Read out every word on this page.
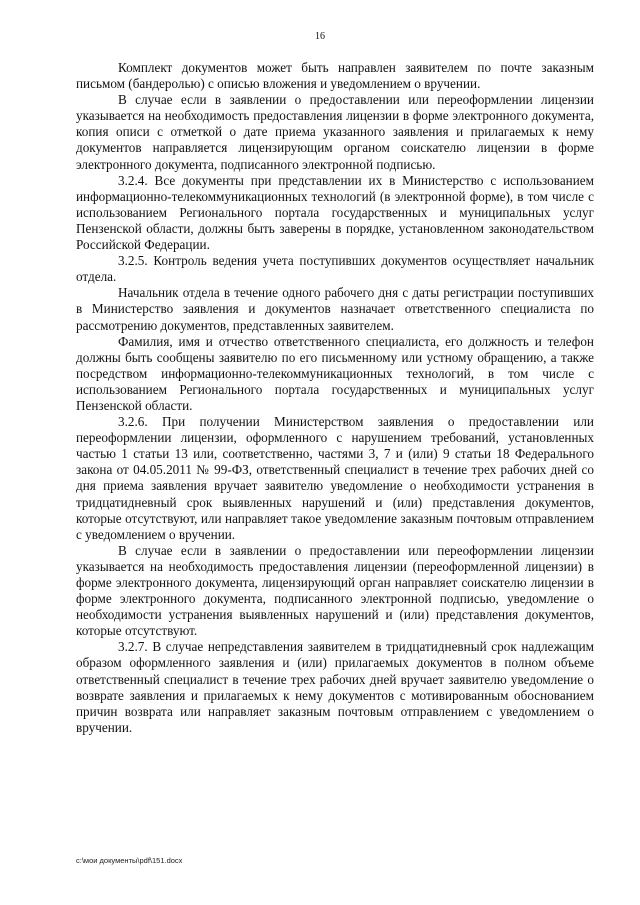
16

Комплект документов может быть направлен заявителем по почте заказным письмом (бандеролью) с описью вложения и уведомлением о вручении.

В случае если в заявлении о предоставлении или переоформлении лицензии указывается на необходимость предоставления лицензии в форме электронного документа, копия описи с отметкой о дате приема указанного заявления и прилагаемых к нему документов направляется лицензирующим органом соискателю лицензии в форме электронного документа, подписанного электронной подписью.

3.2.4. Все документы при представлении их в Министерство с использованием информационно-телекоммуникационных технологий (в электронной форме), в том числе с использованием Регионального портала государственных и муниципальных услуг Пензенской области, должны быть заверены в порядке, установленном законодательством Российской Федерации.

3.2.5. Контроль ведения учета поступивших документов осуществляет начальник отдела.

Начальник отдела в течение одного рабочего дня с даты регистрации поступивших в Министерство заявления и документов назначает ответственного специалиста по рассмотрению документов, представленных заявителем.

Фамилия, имя и отчество ответственного специалиста, его должность и телефон должны быть сообщены заявителю по его письменному или устному обращению, а также посредством информационно-телекоммуникационных технологий, в том числе с использованием Регионального портала государственных и муниципальных услуг Пензенской области.

3.2.6. При получении Министерством заявления о предоставлении или переоформлении лицензии, оформленного с нарушением требований, установленных частью 1 статьи 13 или, соответственно, частями 3, 7 и (или) 9 статьи 18 Федерального закона от 04.05.2011 № 99-ФЗ, ответственный специалист в течение трех рабочих дней со дня приема заявления вручает заявителю уведомление о необходимости устранения в тридцатидневный срок выявленных нарушений и (или) представления документов, которые отсутствуют, или направляет такое уведомление заказным почтовым отправлением с уведомлением о вручении.

В случае если в заявлении о предоставлении или переоформлении лицензии указывается на необходимость предоставления лицензии (переоформленной лицензии) в форме электронного документа, лицензирующий орган направляет соискателю лицензии в форме электронного документа, подписанного электронной подписью, уведомление о необходимости устранения выявленных нарушений и (или) представления документов, которые отсутствуют.

3.2.7. В случае непредставления заявителем в тридцатидневный срок надлежащим образом оформленного заявления и (или) прилагаемых документов в полном объеме ответственный специалист в течение трех рабочих дней вручает заявителю уведомление о возврате заявления и прилагаемых к нему документов с мотивированным обоснованием причин возврата или направляет заказным почтовым отправлением с уведомлением о вручении.

c:\мои документы\pdf\151.docx
